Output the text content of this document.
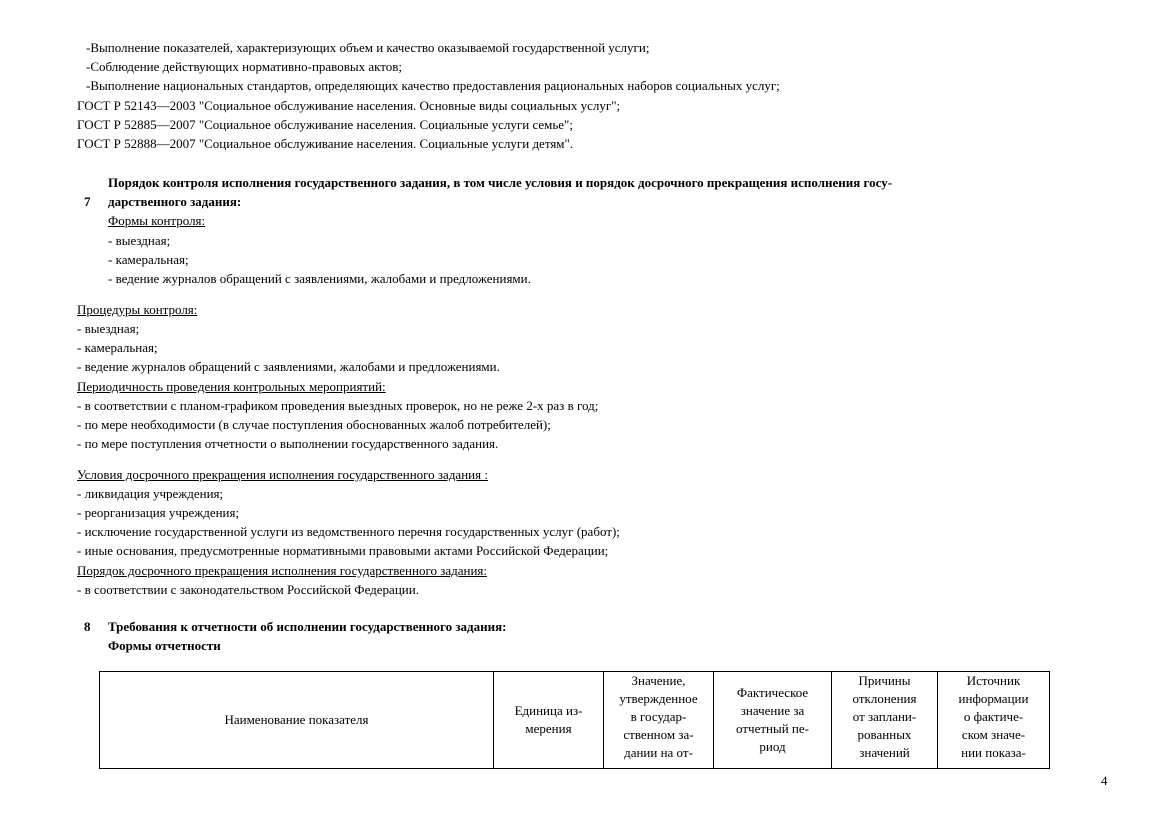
-Выполнение показателей, характеризующих объем и качество оказываемой государственной услуги;
-Соблюдение действующих нормативно-правовых актов;
-Выполнение национальных стандартов, определяющих качество предоставления рациональных наборов социальных услуг;
ГОСТ Р 52143—2003 "Социальное обслуживание населения. Основные виды социальных услуг";
ГОСТ Р 52885—2007 "Социальное обслуживание населения. Социальные услуги семье";
ГОСТ Р 52888—2007 "Социальное обслуживание населения. Социальные услуги детям".
7
Порядок контроля исполнения государственного задания, в том числе условия и порядок досрочного прекращения исполнения госу-
дарственного задания:
Формы контроля:
- выездная;
- камеральная;
- ведение журналов обращений с заявлениями, жалобами и предложениями.
Процедуры контроля:
- выездная;
- камеральная;
- ведение журналов обращений с заявлениями, жалобами и предложениями.
Периодичность проведения контрольных мероприятий:
- в соответствии с планом-графиком проведения выездных проверок, но не реже 2-х раз в год;
- по мере необходимости (в случае поступления обоснованных жалоб потребителей);
- по мере поступления отчетности о выполнении государственного задания.
Условия досрочного прекращения исполнения государственного задания :
- ликвидация учреждения;
- реорганизация учреждения;
- исключение государственной услуги из ведомственного перечня государственных услуг (работ);
- иные основания, предусмотренные нормативными правовыми актами Российской Федерации;
Порядок досрочного прекращения исполнения государственного задания:
- в соответствии с законодательством Российской Федерации.
8 Требования к отчетности об исполнении государственного задания:
Формы отчетности
Наименование показателя	Единица из-
мерения	Значение,
утвержденное
в государ-
ственном за-
дании на от-	Фактическое
значение за
отчетный пе-
риод	Причины
отклонения
от заплани-
рованных
значений	Источник
информации
о фактиче-
ском значе-
нии показа-
4
